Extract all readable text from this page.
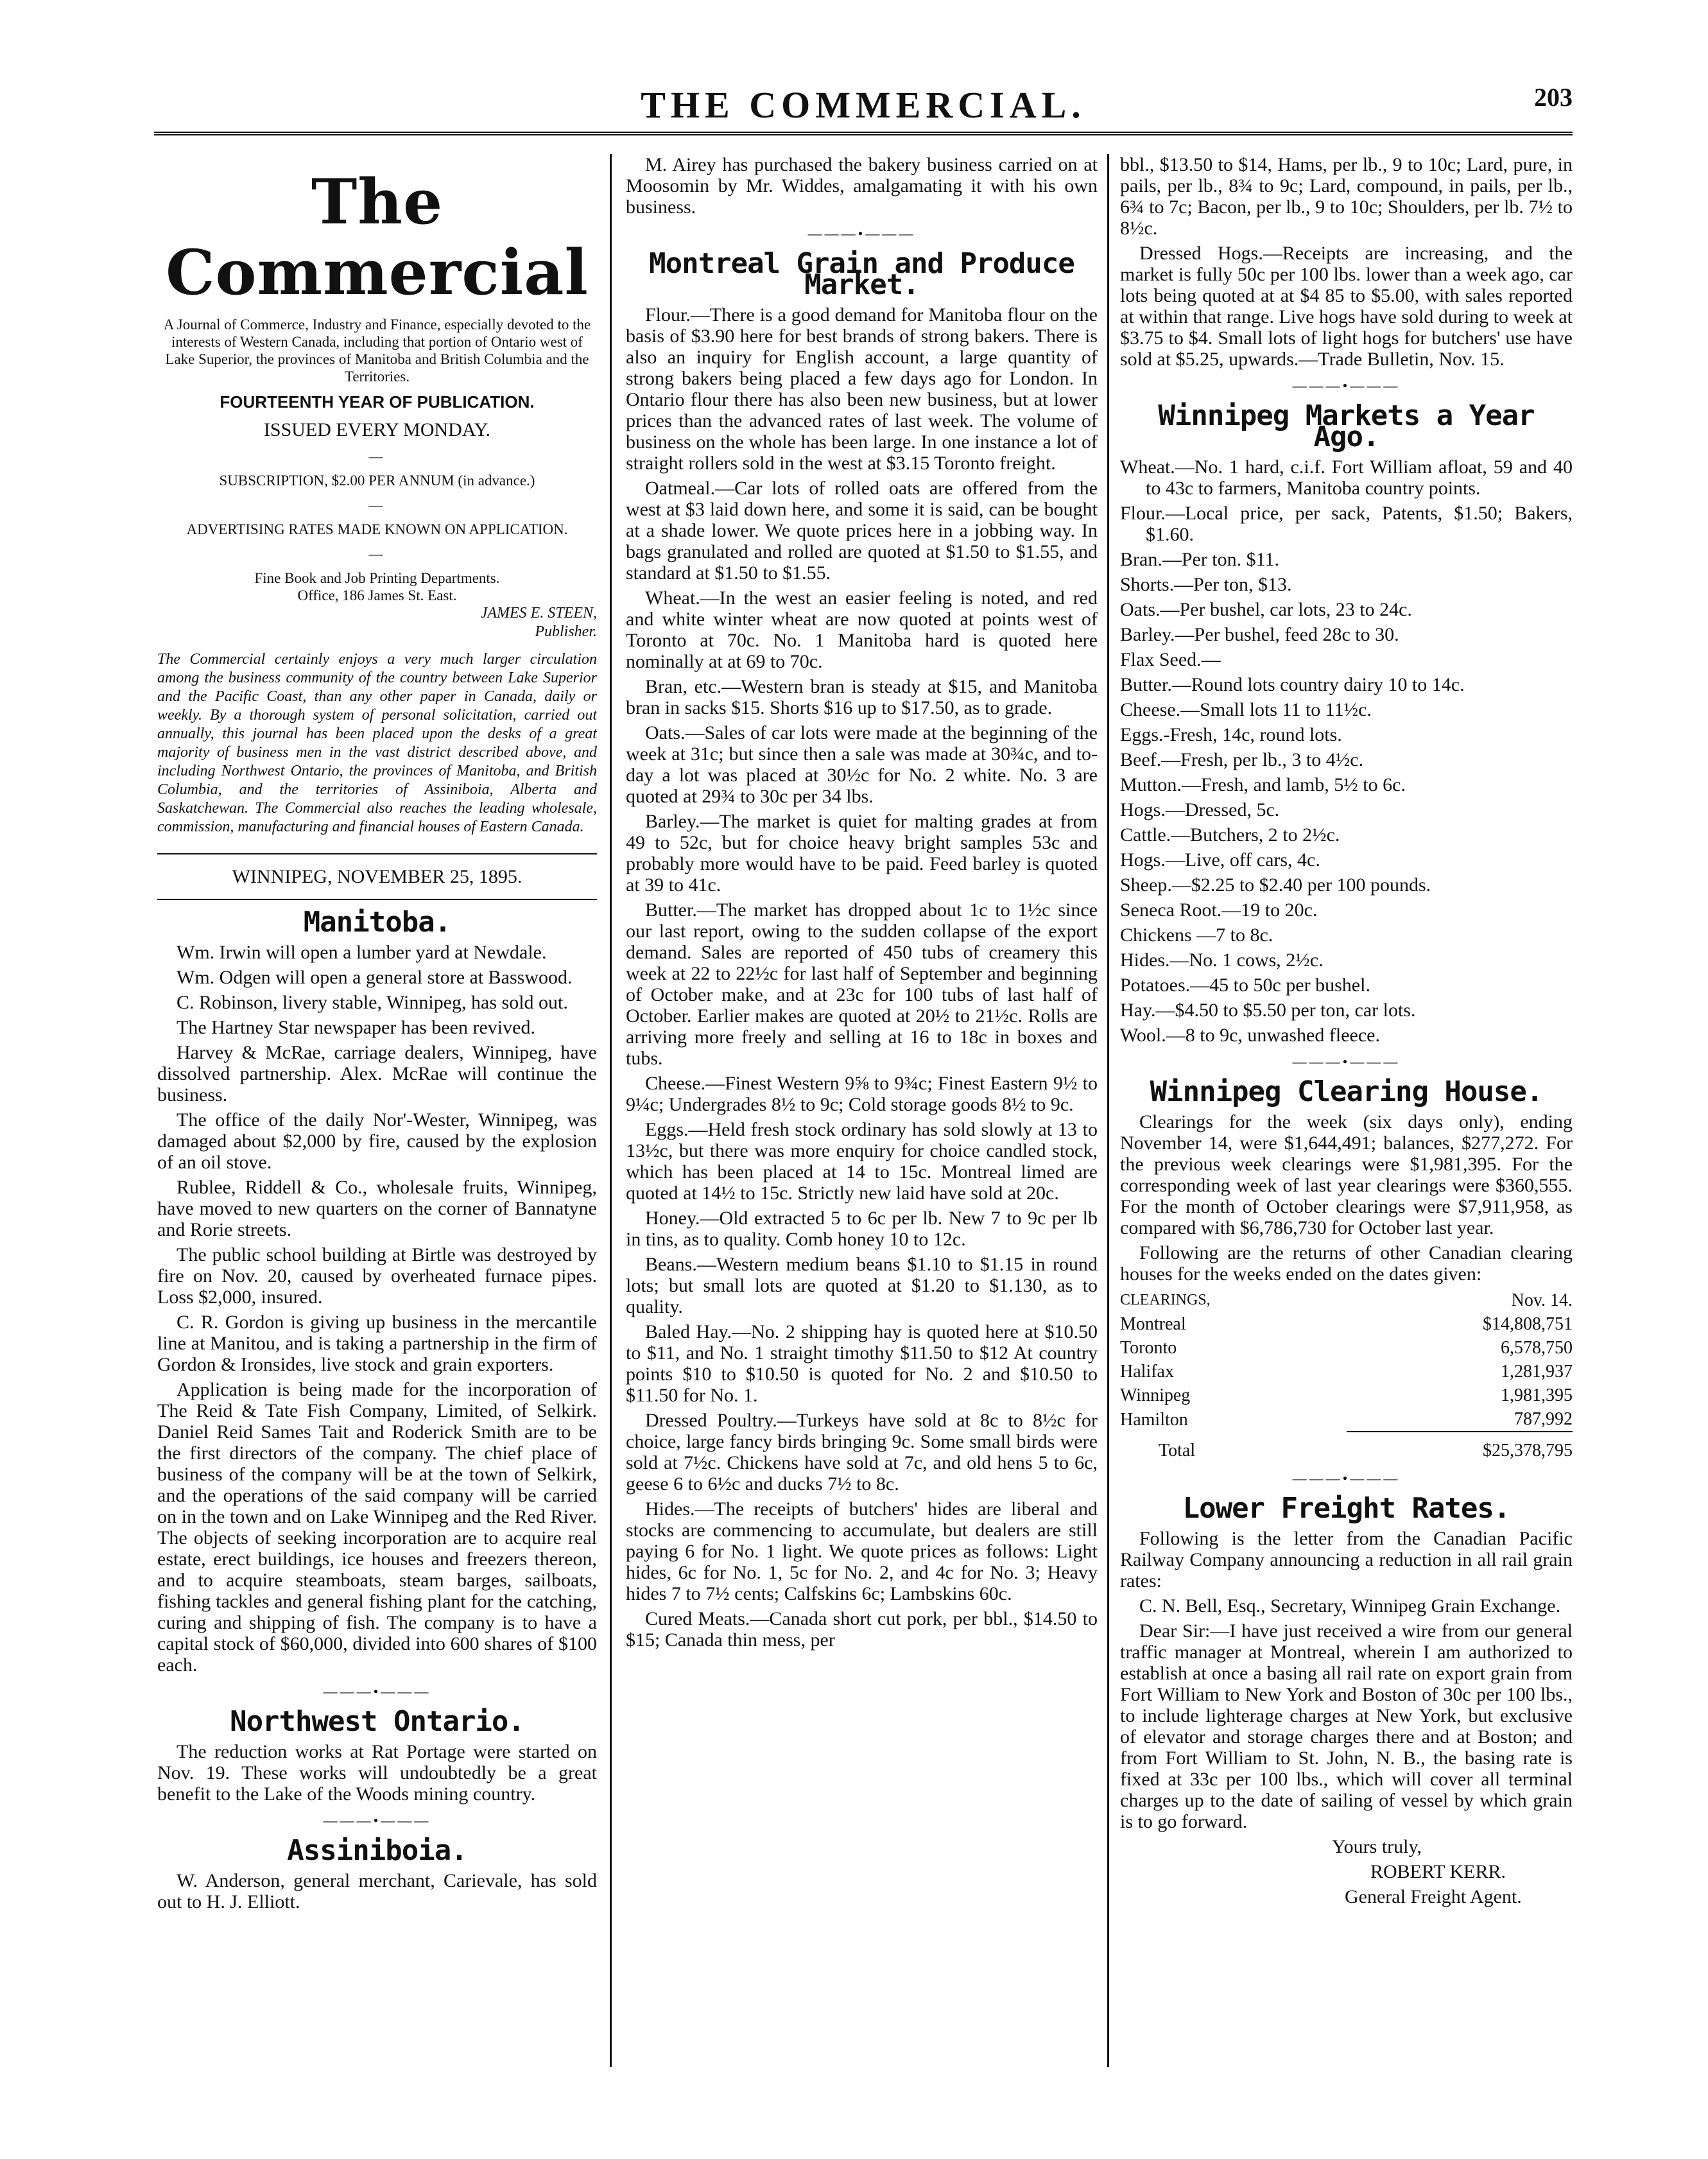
THE COMMERCIAL.	203
The Commercial
A Journal of Commerce, Industry and Finance, especially devoted to the interests of Western Canada, including that portion of Ontario west of Lake Superior, the provinces of Manitoba and British Columbia and the Territories.
FOURTEENTH YEAR OF PUBLICATION.
ISSUED EVERY MONDAY.
—
SUBSCRIPTION, $2.00 PER ANNUM (in advance.)
—
ADVERTISING RATES MADE KNOWN ON APPLICATION.
—
Fine Book and Job Printing Departments.
Office, 186 James St. East.
JAMES E. STEEN,
Publisher.
The Commercial certainly enjoys a very much larger circulation among the business community of the country between Lake Superior and the Pacific Coast, than any other paper in Canada, daily or weekly. By a thorough system of personal solicitation, carried out annually, this journal has been placed upon the desks of a great majority of business men in the vast district described above, and including Northwest Ontario, the provinces of Manitoba, and British Columbia, and the territories of Assiniboia, Alberta and Saskatchewan. The Commercial also reaches the leading wholesale, commission, manufacturing and financial houses of Eastern Canada.
WINNIPEG, NOVEMBER 25, 1895.
Manitoba.

Wm. Irwin will open a lumber yard at Newdale.

Wm. Odgen will open a general store at Basswood.

C. Robinson, livery stable, Winnipeg, has sold out.

The Hartney Star newspaper has been revived.

Harvey & McRae, carriage dealers, Winnipeg, have dissolved partnership. Alex. McRae will continue the business.

The office of the daily Nor'-Wester, Winnipeg, was damaged about $2,000 by fire, caused by the explosion of an oil stove.

Rublee, Riddell & Co., wholesale fruits, Winnipeg, have moved to new quarters on the corner of Bannatyne and Rorie streets.

The public school building at Birtle was destroyed by fire on Nov. 20, caused by overheated furnace pipes. Loss $2,000, insured.

C. R. Gordon is giving up business in the mercantile line at Manitou, and is taking a partnership in the firm of Gordon & Ironsides, live stock and grain exporters.

Application is being made for the incorporation of The Reid & Tate Fish Company, Limited, of Selkirk. Daniel Reid Sames Tait and Roderick Smith are to be the first directors of the company. The chief place of business of the company will be at the town of Selkirk, and the operations of the said company will be carried on in the town and on Lake Winnipeg and the Red River. The objects of seeking incorporation are to acquire real estate, erect buildings, ice houses and freezers thereon, and to acquire steamboats, steam barges, sailboats, fishing tackles and general fishing plant for the catching, curing and shipping of fish. The company is to have a capital stock of $60,000, divided into 600 shares of $100 each.

———•———
Northwest Ontario.

The reduction works at Rat Portage were started on Nov. 19. These works will undoubtedly be a great benefit to the Lake of the Woods mining country.

———•———
Assiniboia.

W. Anderson, general merchant, Carievale, has sold out to H. J. Elliott.

M. Airey has purchased the bakery business carried on at Moosomin by Mr. Widdes, amalgamating it with his own business.

———•———
Montreal Grain and Produce Market.

Flour.—There is a good demand for Manitoba flour on the basis of $3.90 here for best brands of strong bakers. There is also an inquiry for English account, a large quantity of strong bakers being placed a few days ago for London. In Ontario flour there has also been new business, but at lower prices than the advanced rates of last week. The volume of business on the whole has been large. In one instance a lot of straight rollers sold in the west at $3.15 Toronto freight.

Oatmeal.—Car lots of rolled oats are offered from the west at $3 laid down here, and some it is said, can be bought at a shade lower. We quote prices here in a jobbing way. In bags granulated and rolled are quoted at $1.50 to $1.55, and standard at $1.50 to $1.55.

Wheat.—In the west an easier feeling is noted, and red and white winter wheat are now quoted at points west of Toronto at 70c. No. 1 Manitoba hard is quoted here nominally at at 69 to 70c.

Bran, etc.—Western bran is steady at $15, and Manitoba bran in sacks $15. Shorts $16 up to $17.50, as to grade.

Oats.—Sales of car lots were made at the beginning of the week at 31c; but since then a sale was made at 30¾c, and to-day a lot was placed at 30½c for No. 2 white. No. 3 are quoted at 29¾ to 30c per 34 lbs.

Barley.—The market is quiet for malting grades at from 49 to 52c, but for choice heavy bright samples 53c and probably more would have to be paid. Feed barley is quoted at 39 to 41c.

Butter.—The market has dropped about 1c to 1½c since our last report, owing to the sudden collapse of the export demand. Sales are reported of 450 tubs of creamery this week at 22 to 22½c for last half of September and beginning of October make, and at 23c for 100 tubs of last half of October. Earlier makes are quoted at 20½ to 21½c. Rolls are arriving more freely and selling at 16 to 18c in boxes and tubs.

Cheese.—Finest Western 9⅝ to 9¾c; Finest Eastern 9½ to 9¼c; Undergrades 8½ to 9c; Cold storage goods 8½ to 9c.

Eggs.—Held fresh stock ordinary has sold slowly at 13 to 13½c, but there was more enquiry for choice candled stock, which has been placed at 14 to 15c. Montreal limed are quoted at 14½ to 15c. Strictly new laid have sold at 20c.

Honey.—Old extracted 5 to 6c per lb. New 7 to 9c per lb in tins, as to quality. Comb honey 10 to 12c.

Beans.—Western medium beans $1.10 to $1.15 in round lots; but small lots are quoted at $1.20 to $1.130, as to quality.

Baled Hay.—No. 2 shipping hay is quoted here at $10.50 to $11, and No. 1 straight timothy $11.50 to $12 At country points $10 to $10.50 is quoted for No. 2 and $10.50 to $11.50 for No. 1.

Dressed Poultry.—Turkeys have sold at 8c to 8½c for choice, large fancy birds bringing 9c. Some small birds were sold at 7½c. Chickens have sold at 7c, and old hens 5 to 6c, geese 6 to 6½c and ducks 7½ to 8c.

Hides.—The receipts of butchers' hides are liberal and stocks are commencing to accumulate, but dealers are still paying 6 for No. 1 light. We quote prices as follows: Light hides, 6c for No. 1, 5c for No. 2, and 4c for No. 3; Heavy hides 7 to 7½ cents; Calfskins 6c; Lambskins 60c.

Cured Meats.—Canada short cut pork, per bbl., $14.50 to $15; Canada thin mess, per

bbl., $13.50 to $14, Hams, per lb., 9 to 10c; Lard, pure, in pails, per lb., 8¾ to 9c; Lard, compound, in pails, per lb., 6¾ to 7c; Bacon, per lb., 9 to 10c; Shoulders, per lb. 7½ to 8½c.

Dressed Hogs.—Receipts are increasing, and the market is fully 50c per 100 lbs. lower than a week ago, car lots being quoted at at $4 85 to $5.00, with sales reported at within that range. Live hogs have sold during to week at $3.75 to $4. Small lots of light hogs for butchers' use have sold at $5.25, upwards.—Trade Bulletin, Nov. 15.

———•———
Winnipeg Markets a Year Ago.

Wheat.—No. 1 hard, c.i.f. Fort William afloat, 59 and 40 to 43c to farmers, Manitoba country points.

Flour.—Local price, per sack, Patents, $1.50; Bakers, $1.60.

Bran.—Per ton. $11.

Shorts.—Per ton, $13.

Oats.—Per bushel, car lots, 23 to 24c.

Barley.—Per bushel, feed 28c to 30.

Flax Seed.—

Butter.—Round lots country dairy 10 to 14c.

Cheese.—Small lots 11 to 11½c.

Eggs.-Fresh, 14c, round lots.

Beef.—Fresh, per lb., 3 to 4½c.

Mutton.—Fresh, and lamb, 5½ to 6c.

Hogs.—Dressed, 5c.

Cattle.—Butchers, 2 to 2½c.

Hogs.—Live, off cars, 4c.

Sheep.—$2.25 to $2.40 per 100 pounds.

Seneca Root.—19 to 20c.

Chickens —7 to 8c.

Hides.—No. 1 cows, 2½c.

Potatoes.—45 to 50c per bushel.

Hay.—$4.50 to $5.50 per ton, car lots.

Wool.—8 to 9c, unwashed fleece.

———•———
Winnipeg Clearing House.

Clearings for the week (six days only), ending November 14, were $1,644,491; balances, $277,272. For the previous week clearings were $1,981,395. For the corresponding week of last year clearings were $360,555. For the month of October clearings were $7,911,958, as compared with $6,786,730 for October last year.

Following are the returns of other Canadian clearing houses for the weeks ended on the dates given:

CLEARINGS,	Nov. 14.
Montreal	$14,808,751
Toronto	6,578,750
Halifax	1,281,937
Winnipeg	1,981,395
Hamilton	787,992
Total	$25,378,795
———•———
Lower Freight Rates.

Following is the letter from the Canadian Pacific Railway Company announcing a reduction in all rail grain rates:

C. N. Bell, Esq., Secretary, Winnipeg Grain Exchange.

Dear Sir:—I have just received a wire from our general traffic manager at Montreal, wherein I am authorized to establish at once a basing all rail rate on export grain from Fort William to New York and Boston of 30c per 100 lbs., to include lighterage charges at New York, but exclusive of elevator and storage charges there and at Boston; and from Fort William to St. John, N. B., the basing rate is fixed at 33c per 100 lbs., which will cover all terminal charges up to the date of sailing of vessel by which grain is to go forward.

Yours truly,

ROBERT KERR.

General Freight Agent.
